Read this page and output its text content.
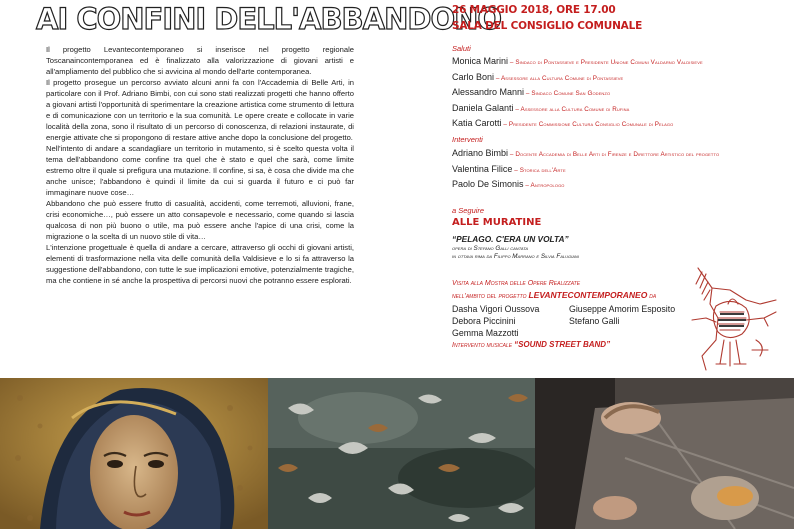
AI CONFINI DELL'ABBANDONO

Il progetto Levantecontemporaneo si inserisce nel progetto regionale Toscanaincontemporanea ed è finalizzato alla valorizzazione di giovani artisti e all'ampliamento del pubblico che si avvicina al mondo dell'arte contemporanea.

Il progetto prosegue un percorso avviato alcuni anni fa con l'Accademia di Belle Arti, in particolare con il Prof. Adriano Bimbi, con cui sono stati realizzati progetti che hanno offerto a giovani artisti l'opportunità di sperimentare la creazione artistica come strumento di lettura e di comunicazione con un territorio e la sua comunità. Le opere create e collocate in varie località della zona, sono il risultato di un percorso di conoscenza, di relazioni instaurate, di energie attivate che si propongono di restare attive anche dopo la conclusione del progetto.

Nell'intento di andare a scandagliare un territorio in mutamento, si è scelto questa volta il tema dell'abbandono come confine tra quel che è stato e quel che sarà, come limite estremo oltre il quale si prefigura una mutazione. Il confine, si sa, è cosa che divide ma che anche unisce; l'abbandono è quindi il limite da cui si guarda il futuro e ci può far immaginare nuove cose…

Abbandono che può essere frutto di casualità, accidenti, come terremoti, alluvioni, frane, crisi economiche…, può essere un atto consapevole e necessario, come quando si lascia qualcosa di non più buono o utile, ma può essere anche l'apice di una crisi, come la migrazione o la scelta di un nuovo stile di vita…

L'intenzione progettuale è quella di andare a cercare, attraverso gli occhi di giovani artisti, elementi di trasformazione nella vita delle comunità della Valdisieve e lo si fa attraverso la suggestione dell'abbandono, con tutte le sue implicazioni emotive, potenzialmente tragiche, ma che contiene in sé anche la prospettiva di percorsi nuovi che potranno essere esplorati.

26 MAGGIO 2018, ORE 17.00
SALA DEL CONSIGLIO COMUNALE
Saluti
Monica Marini – Sindaco di Pontassieve e Presidente Unione Comuni Valdarno Valdisieve
Carlo Boni – Assessore alla Cultura Comune di Pontassieve
Alessandro Manni – Sindaco Comune San Godenzo
Daniela Galanti – Assessore alla Cultura Comune di Rufina
Katia Carotti – Presidente Commissione Cultura Consiglio Comunale di Pelago
Interventi
Adriano Bimbi – Docente Accademia di Belle Arti di Firenze e Direttore Artistico del progetto
Valentina Filice – Storica dell'Arte
Paolo De Simonis – Antropologo
a Seguire
ALLE MURATINE
“PELAGO. C'ERA UN VOLTA”
opera di Stefano Galli cantata
in ottava rima da Filippo Marrano e Silvia Falugiani
Visita alla Mostra delle Opere Realizzate
nell'ambito del progetto LEVANTECONTEMPORANEO da
Dasha Vigori Oussova	Giuseppe Amorim Esposito
Debora Piccinini	Stefano Galli
Gemma Mazzotti
Intervento musicale “SOUND STREET BAND”
